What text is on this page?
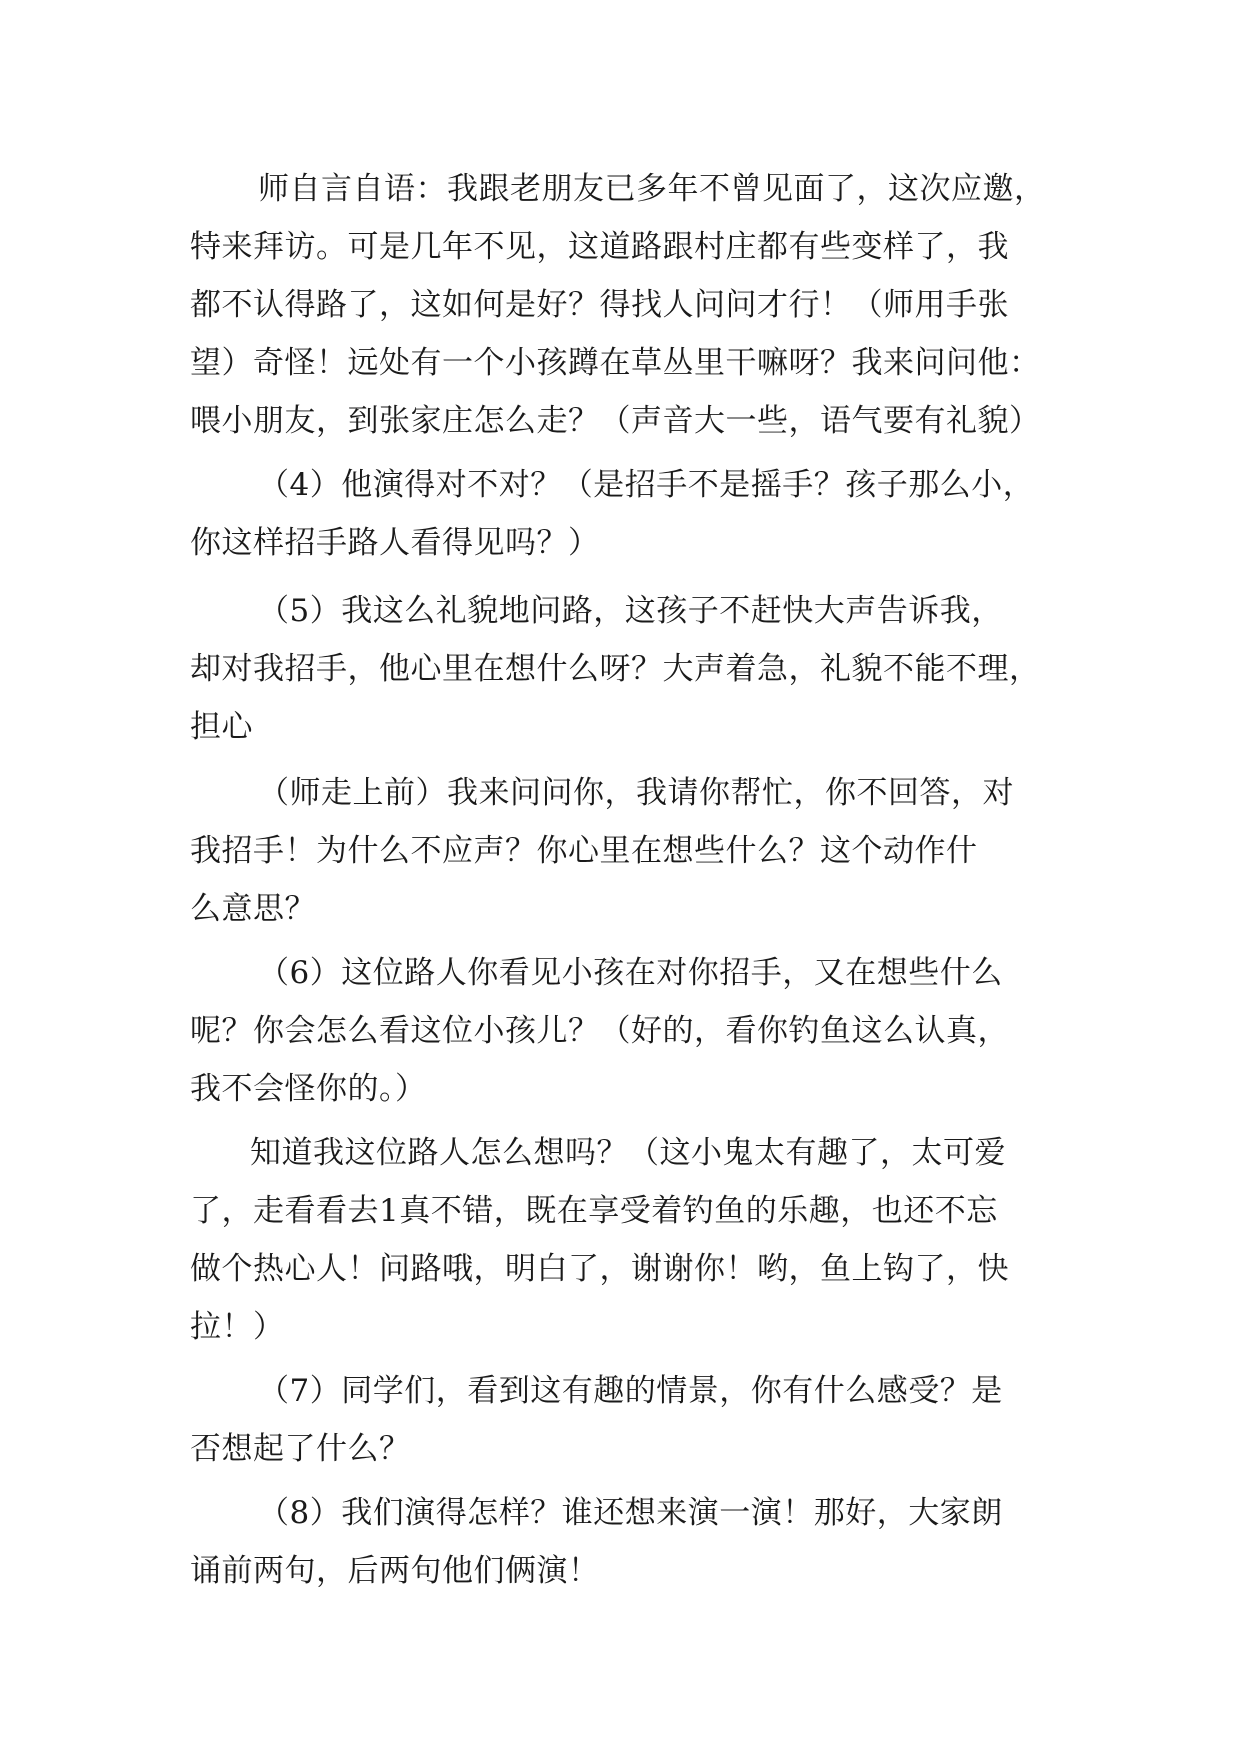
师自言自语：我跟老朋友已多年不曾见面了，这次应邀，
特来拜访。可是几年不见，这道路跟村庄都有些变样了，我
都不认得路了，这如何是好？得找人问问才行！（师用手张
望）奇怪！远处有一个小孩蹲在草丛里干嘛呀？我来问问他：
喂小朋友，到张家庄怎么走？（声音大一些，语气要有礼貌）
（4）他演得对不对？（是招手不是摇手？孩子那么小，
你这样招手路人看得见吗？）
（5）我这么礼貌地问路，这孩子不赶快大声告诉我，
却对我招手，他心里在想什么呀？大声着急，礼貌不能不理，
担心
（师走上前）我来问问你，我请你帮忙，你不回答，对
我招手！为什么不应声？你心里在想些什么？这个动作什
么意思？
（6）这位路人你看见小孩在对你招手，又在想些什么
呢？你会怎么看这位小孩儿？（好的，看你钓鱼这么认真，
我不会怪你的。）
知道我这位路人怎么想吗？（这小鬼太有趣了，太可爱
了，走看看去1真不错，既在享受着钓鱼的乐趣，也还不忘
做个热心人！问路哦，明白了，谢谢你！哟，鱼上钩了，快
拉！）
（7）同学们，看到这有趣的情景，你有什么感受？是
否想起了什么？
（8）我们演得怎样？谁还想来演一演！那好，大家朗
诵前两句，后两句他们俩演！
